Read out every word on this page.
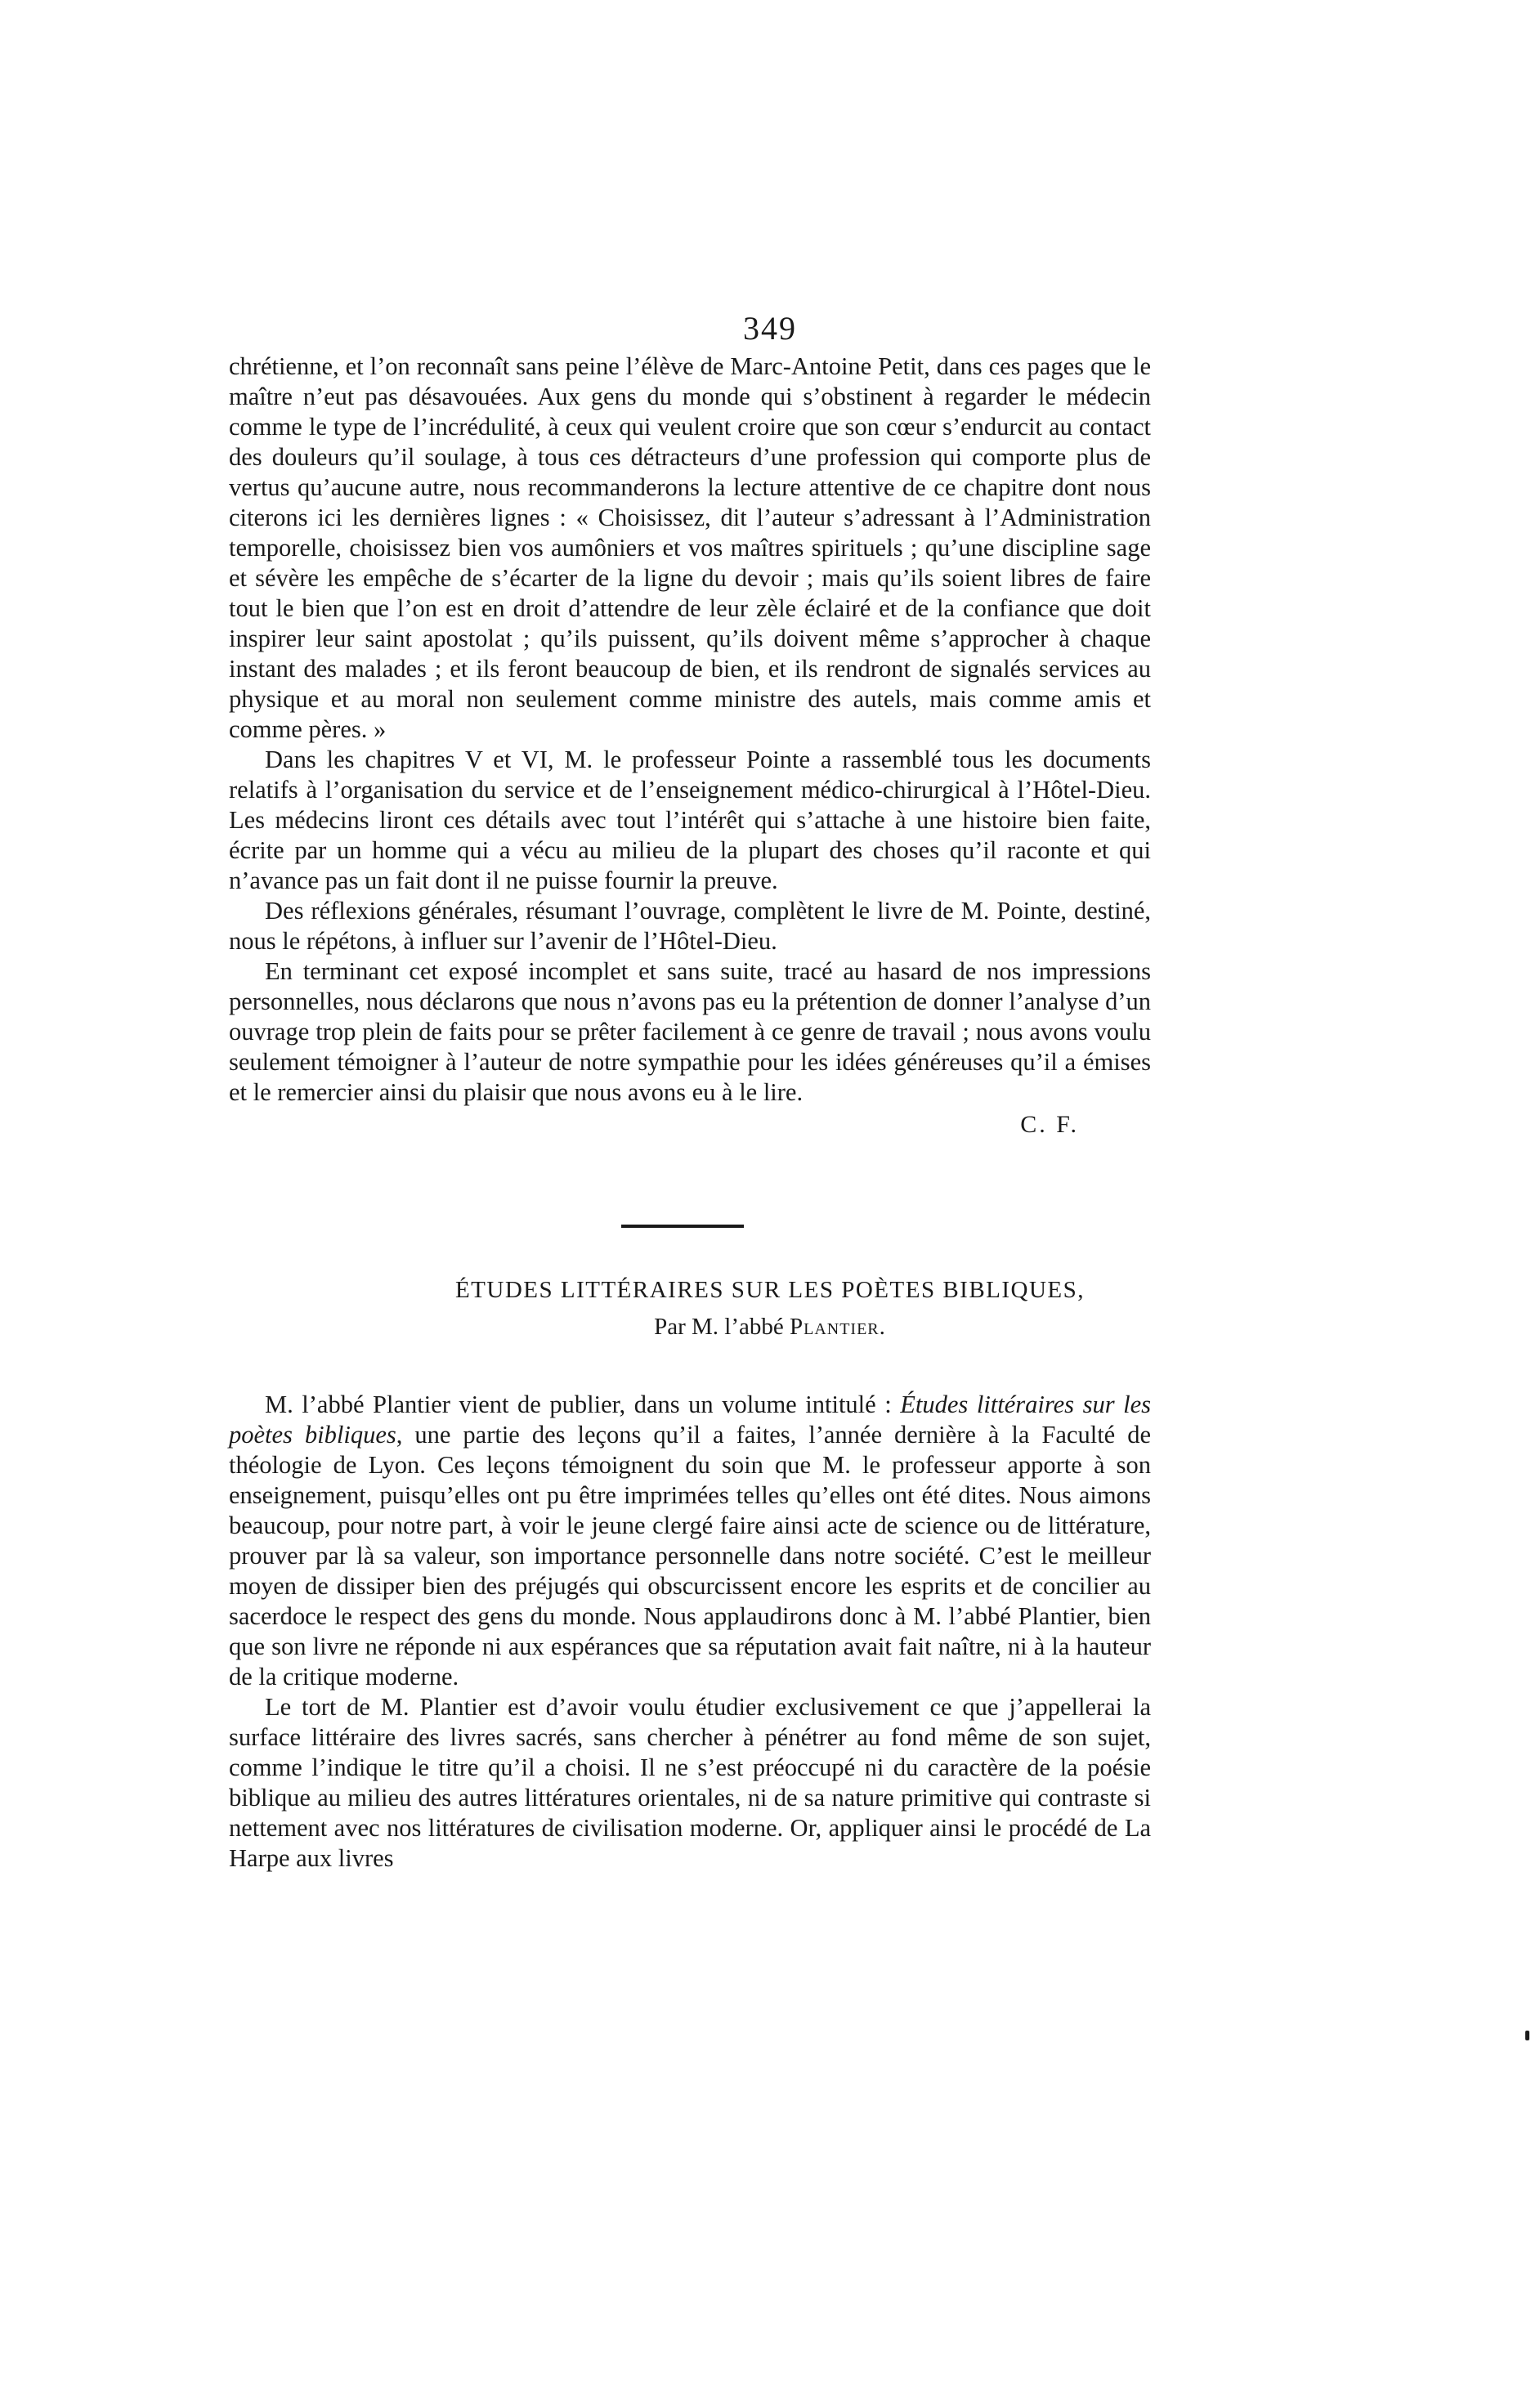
349

chrétienne, et l’on reconnaît sans peine l’élève de Marc-Antoine Petit, dans ces pages que le maître n’eut pas désavouées. Aux gens du monde qui s’obstinent à regarder le médecin comme le type de l’incrédulité, à ceux qui veulent croire que son cœur s’endurcit au contact des douleurs qu’il soulage, à tous ces détracteurs d’une profession qui comporte plus de vertus qu’aucune autre, nous recommanderons la lecture attentive de ce chapitre dont nous citerons ici les dernières lignes : « Choisissez, dit l’auteur s’adressant à l’Administration temporelle, choisissez bien vos aumôniers et vos maîtres spirituels ; qu’une discipline sage et sévère les empêche de s’écarter de la ligne du devoir ; mais qu’ils soient libres de faire tout le bien que l’on est en droit d’attendre de leur zèle éclairé et de la confiance que doit inspirer leur saint apostolat ; qu’ils puissent, qu’ils doivent même s’approcher à chaque instant des malades ; et ils feront beaucoup de bien, et ils rendront de signalés services au physique et au moral non seulement comme ministre des autels, mais comme amis et comme pères. »

Dans les chapitres V et VI, M. le professeur Pointe a rassemblé tous les documents relatifs à l’organisation du service et de l’enseignement médico-chirurgical à l’Hôtel-Dieu. Les médecins liront ces détails avec tout l’intérêt qui s’attache à une histoire bien faite, écrite par un homme qui a vécu au milieu de la plupart des choses qu’il raconte et qui n’avance pas un fait dont il ne puisse fournir la preuve.

Des réflexions générales, résumant l’ouvrage, complètent le livre de M. Pointe, destiné, nous le répétons, à influer sur l’avenir de l’Hôtel-Dieu.

En terminant cet exposé incomplet et sans suite, tracé au hasard de nos impressions personnelles, nous déclarons que nous n’avons pas eu la prétention de donner l’analyse d’un ouvrage trop plein de faits pour se prêter facilement à ce genre de travail ; nous avons voulu seulement témoigner à l’auteur de notre sympathie pour les idées généreuses qu’il a émises et le remercier ainsi du plaisir que nous avons eu à le lire.

C. F.
ÉTUDES LITTÉRAIRES SUR LES POÈTES BIBLIQUES,
Par M. l’abbé Plantier.

M. l’abbé Plantier vient de publier, dans un volume intitulé : Études littéraires sur les poètes bibliques, une partie des leçons qu’il a faites, l’année dernière à la Faculté de théologie de Lyon. Ces leçons témoignent du soin que M. le professeur apporte à son enseignement, puisqu’elles ont pu être imprimées telles qu’elles ont été dites. Nous aimons beaucoup, pour notre part, à voir le jeune clergé faire ainsi acte de science ou de littérature, prouver par là sa valeur, son importance personnelle dans notre société. C’est le meilleur moyen de dissiper bien des préjugés qui obscurcissent encore les esprits et de concilier au sacerdoce le respect des gens du monde. Nous applaudirons donc à M. l’abbé Plantier, bien que son livre ne réponde ni aux espérances que sa réputation avait fait naître, ni à la hauteur de la critique moderne.

Le tort de M. Plantier est d’avoir voulu étudier exclusivement ce que j’appellerai la surface littéraire des livres sacrés, sans chercher à pénétrer au fond même de son sujet, comme l’indique le titre qu’il a choisi. Il ne s’est préoccupé ni du caractère de la poésie biblique au milieu des autres littératures orientales, ni de sa nature primitive qui contraste si nettement avec nos littératures de civilisation moderne. Or, appliquer ainsi le procédé de La Harpe aux livres
